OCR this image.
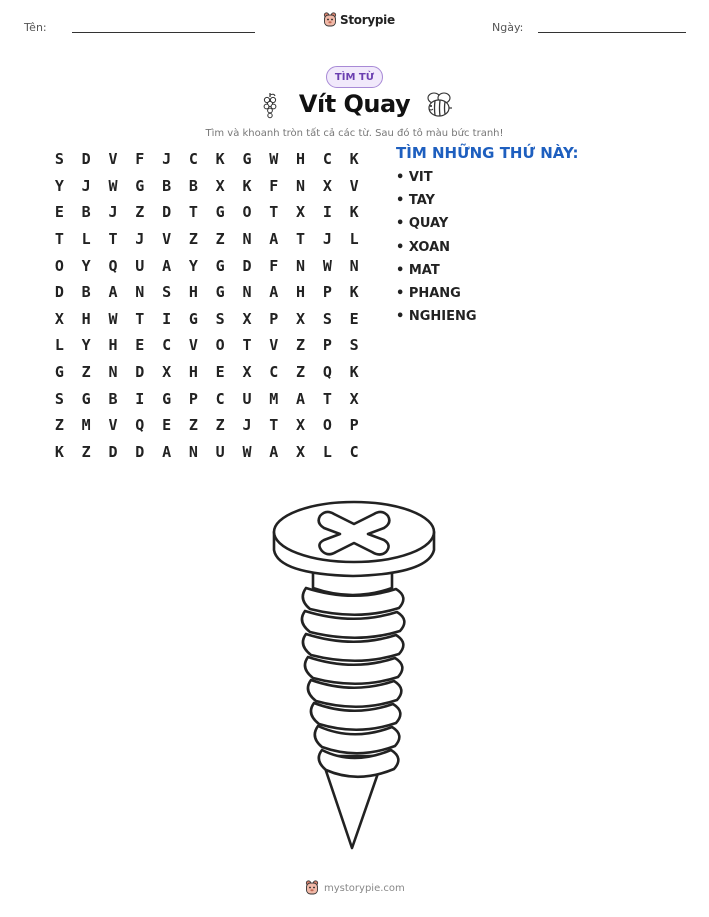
Tên:	Ngày:
Storypie
TÌM TỪ
Vít Quay
Tìm và khoanh tròn tất cả các từ. Sau đó tô màu bức tranh!
S	D	V	F	J	C	K	G	W	H	C	K
Y	J	W	G	B	B	X	K	F	N	X	V
E	B	J	Z	D	T	G	O	T	X	I	K
T	L	T	J	V	Z	Z	N	A	T	J	L
O	Y	Q	U	A	Y	G	D	F	N	W	N
D	B	A	N	S	H	G	N	A	H	P	K
X	H	W	T	I	G	S	X	P	X	S	E
L	Y	H	E	C	V	O	T	V	Z	P	S
G	Z	N	D	X	H	E	X	C	Z	Q	K
S	G	B	I	G	P	C	U	M	A	T	X
Z	M	V	Q	E	Z	Z	J	T	X	O	P
K	Z	D	D	A	N	U	W	A	X	L	C
TÌM NHỮNG THỨ NÀY:
• VIT
• TAY
• QUAY
• XOAN
• MAT
• PHANG
• NGHIENG
mystorypie.com
